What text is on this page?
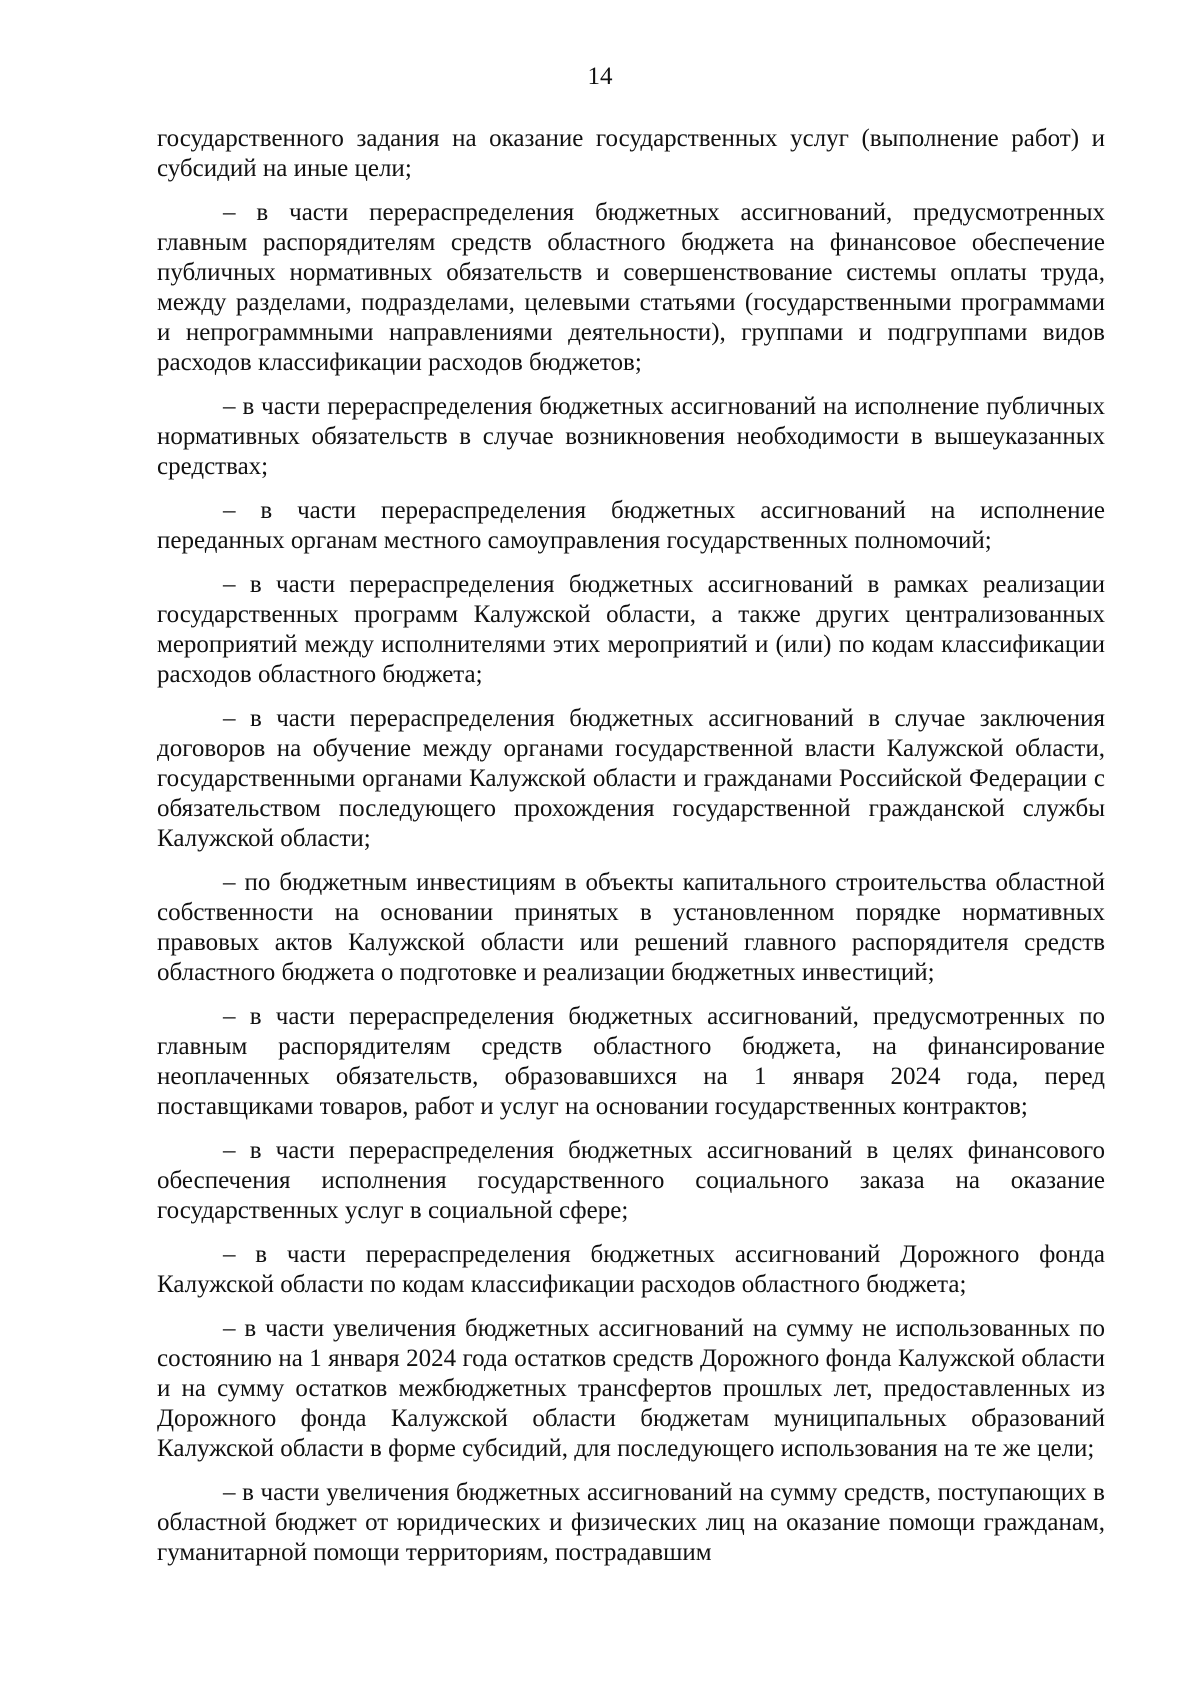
14

государственного задания на оказание государственных услуг (выполнение работ) и субсидий на иные цели;

– в части перераспределения бюджетных ассигнований, предусмотренных главным распорядителям средств областного бюджета на финансовое обеспечение публичных нормативных обязательств и совершенствование системы оплаты труда, между разделами, подразделами, целевыми статьями (государственными программами и непрограммными направлениями деятельности), группами и подгруппами видов расходов классификации расходов бюджетов;

– в части перераспределения бюджетных ассигнований на исполнение публичных нормативных обязательств в случае возникновения необходимости в вышеуказанных средствах;

– в части перераспределения бюджетных ассигнований на исполнение переданных органам местного самоуправления государственных полномочий;

– в части перераспределения бюджетных ассигнований в рамках реализации государственных программ Калужской области, а также других централизованных мероприятий между исполнителями этих мероприятий и (или) по кодам классификации расходов областного бюджета;

– в части перераспределения бюджетных ассигнований в случае заключения договоров на обучение между органами государственной власти Калужской области, государственными органами Калужской области и гражданами Российской Федерации с обязательством последующего прохождения государственной гражданской службы Калужской области;

– по бюджетным инвестициям в объекты капитального строительства областной собственности на основании принятых в установленном порядке нормативных правовых актов Калужской области или решений главного распорядителя средств областного бюджета о подготовке и реализации бюджетных инвестиций;

– в части перераспределения бюджетных ассигнований, предусмотренных по главным распорядителям средств областного бюджета, на финансирование неоплаченных обязательств, образовавшихся на 1 января 2024 года, перед поставщиками товаров, работ и услуг на основании государственных контрактов;

– в части перераспределения бюджетных ассигнований в целях финансового обеспечения исполнения государственного социального заказа на оказание государственных услуг в социальной сфере;

– в части перераспределения бюджетных ассигнований Дорожного фонда Калужской области по кодам классификации расходов областного бюджета;

– в части увеличения бюджетных ассигнований на сумму не использованных по состоянию на 1 января 2024 года остатков средств Дорожного фонда Калужской области и на сумму остатков межбюджетных трансфертов прошлых лет, предоставленных из Дорожного фонда Калужской области бюджетам муниципальных образований Калужской области в форме субсидий, для последующего использования на те же цели;

– в части увеличения бюджетных ассигнований на сумму средств, поступающих в областной бюджет от юридических и физических лиц на оказание помощи гражданам, гуманитарной помощи территориям, пострадавшим
